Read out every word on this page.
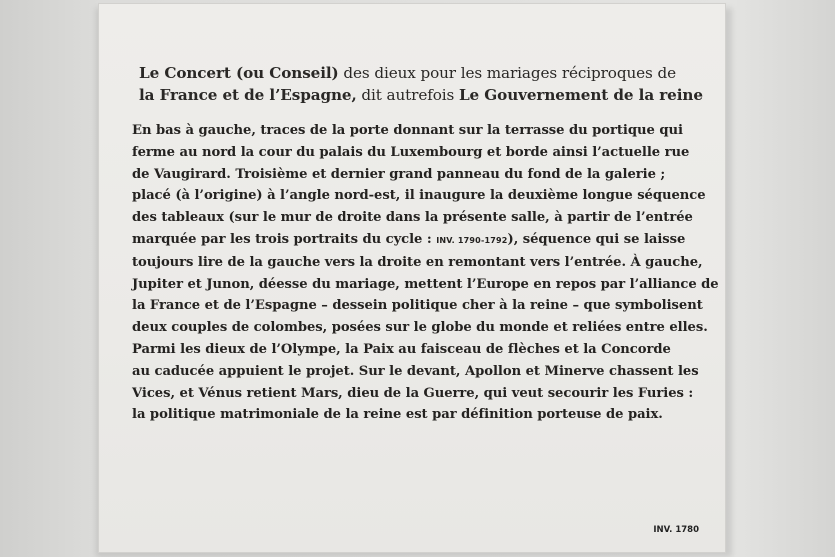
Le Concert (ou Conseil) des dieux pour les mariages réciproques de
la France et de l’Espagne, dit autrefois Le Gouvernement de la reine
En bas à gauche, traces de la porte donnant sur la terrasse du portique qui
ferme au nord la cour du palais du Luxembourg et borde ainsi l’actuelle rue
de Vaugirard. Troisième et dernier grand panneau du fond de la galerie ;
placé (à l’origine) à l’angle nord-est, il inaugure la deuxième longue séquence
des tableaux (sur le mur de droite dans la présente salle, à partir de l’entrée
marquée par les trois portraits du cycle : INV. 1790-1792), séquence qui se laisse
toujours lire de la gauche vers la droite en remontant vers l’entrée. À gauche,
Jupiter et Junon, déesse du mariage, mettent l’Europe en repos par l’alliance de
la France et de l’Espagne – dessein politique cher à la reine – que symbolisent
deux couples de colombes, posées sur le globe du monde et reliées entre elles.
Parmi les dieux de l’Olympe, la Paix au faisceau de flèches et la Concorde
au caducée appuient le projet. Sur le devant, Apollon et Minerve chassent les
Vices, et Vénus retient Mars, dieu de la Guerre, qui veut secourir les Furies :
la politique matrimoniale de la reine est par définition porteuse de paix.
INV. 1780
